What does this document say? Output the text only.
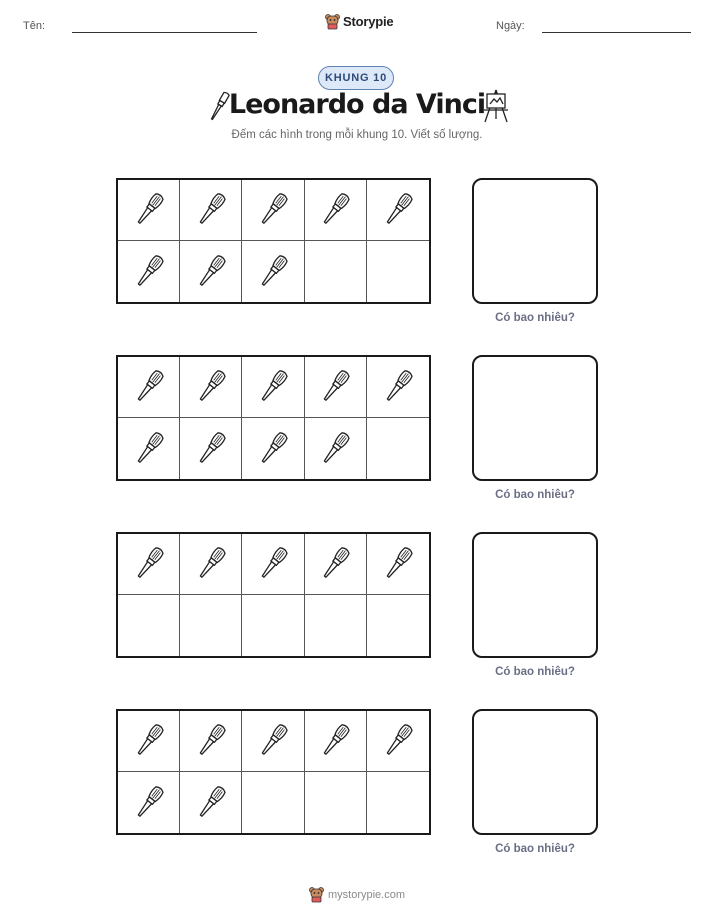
Tên:	Storypie	Ngày:
KHUNG 10
Leonardo da Vinci
Đếm các hình trong mỗi khung 10. Viết số lượng.
Có bao nhiêu?
Có bao nhiêu?
Có bao nhiêu?
Có bao nhiêu?
mystorypie.com
